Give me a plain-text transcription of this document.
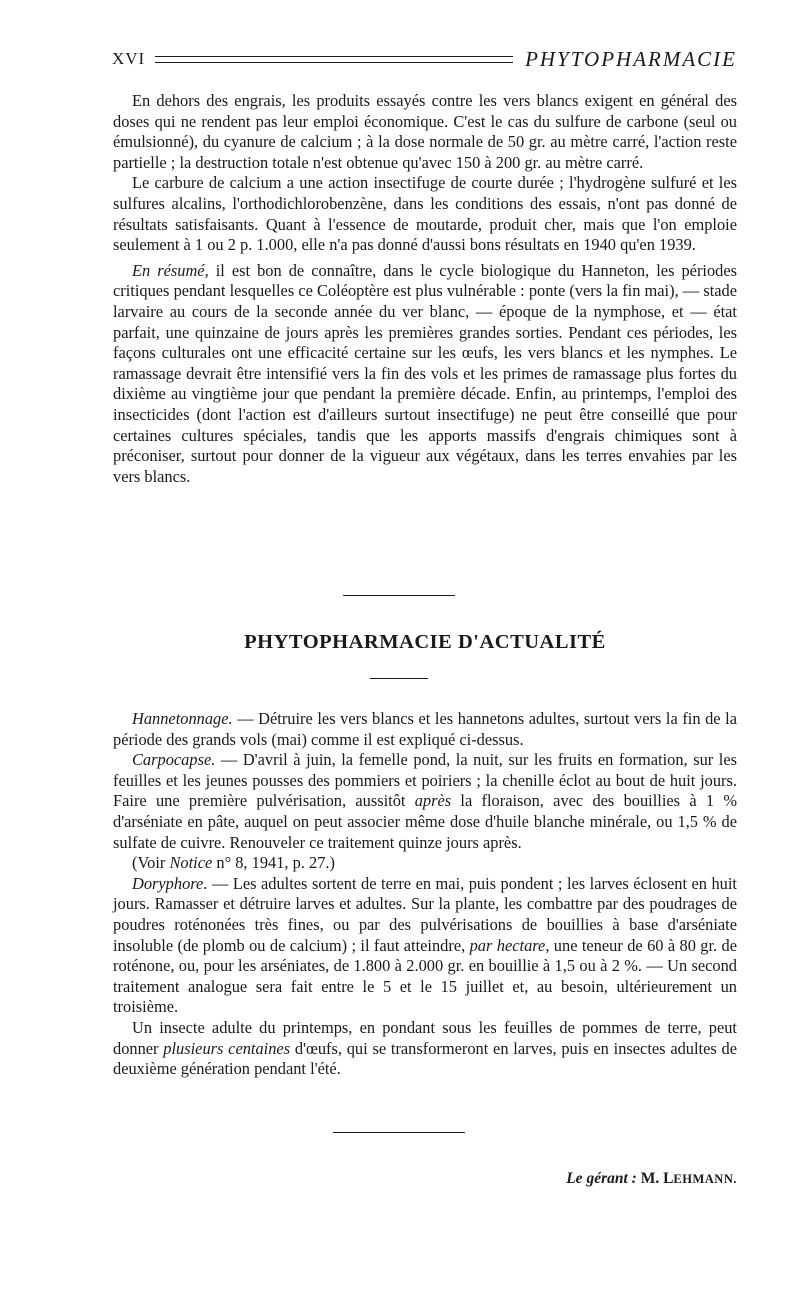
XVI	PHYTOPHARMACIE

En dehors des engrais, les produits essayés contre les vers blancs exigent en général des doses qui ne rendent pas leur emploi économique. C'est le cas du sulfure de carbone (seul ou émulsionné), du cyanure de calcium ; à la dose normale de 50 gr. au mètre carré, l'action reste partielle ; la destruction totale n'est obtenue qu'avec 150 à 200 gr. au mètre carré.

Le carbure de calcium a une action insectifuge de courte durée ; l'hydrogène sulfuré et les sulfures alcalins, l'orthodichlorobenzène, dans les conditions des essais, n'ont pas donné de résultats satisfaisants. Quant à l'essence de moutarde, produit cher, mais que l'on emploie seulement à 1 ou 2 p. 1.000, elle n'a pas donné d'aussi bons résultats en 1940 qu'en 1939.

En résumé, il est bon de connaître, dans le cycle biologique du Hanneton, les périodes critiques pendant lesquelles ce Coléoptère est plus vulnérable : ponte (vers la fin mai), — stade larvaire au cours de la seconde année du ver blanc, — époque de la nymphose, et — état parfait, une quinzaine de jours après les premières grandes sorties. Pendant ces périodes, les façons culturales ont une efficacité certaine sur les œufs, les vers blancs et les nymphes. Le ramassage devrait être intensifié vers la fin des vols et les primes de ramassage plus fortes du dixième au vingtième jour que pendant la première décade. Enfin, au printemps, l'emploi des insecticides (dont l'action est d'ailleurs surtout insectifuge) ne peut être conseillé que pour certaines cultures spéciales, tandis que les apports massifs d'engrais chimiques sont à préconiser, surtout pour donner de la vigueur aux végétaux, dans les terres envahies par les vers blancs.

PHYTOPHARMACIE D'ACTUALITÉ

Hannetonnage. — Détruire les vers blancs et les hannetons adultes, surtout vers la fin de la période des grands vols (mai) comme il est expliqué ci-dessus.

Carpocapse. — D'avril à juin, la femelle pond, la nuit, sur les fruits en formation, sur les feuilles et les jeunes pousses des pommiers et poiriers ; la chenille éclot au bout de huit jours. Faire une première pulvérisation, aussitôt après la floraison, avec des bouillies à 1 % d'arséniate en pâte, auquel on peut associer même dose d'huile blanche minérale, ou 1,5 % de sulfate de cuivre. Renouveler ce traitement quinze jours après.

(Voir Notice n° 8, 1941, p. 27.)

Doryphore. — Les adultes sortent de terre en mai, puis pondent ; les larves éclosent en huit jours. Ramasser et détruire larves et adultes. Sur la plante, les combattre par des poudrages de poudres roténonées très fines, ou par des pulvérisations de bouillies à base d'arséniate insoluble (de plomb ou de calcium) ; il faut atteindre, par hectare, une teneur de 60 à 80 gr. de roténone, ou, pour les arséniates, de 1.800 à 2.000 gr. en bouillie à 1,5 ou à 2 %. — Un second traitement analogue sera fait entre le 5 et le 15 juillet et, au besoin, ultérieurement un troisième.

Un insecte adulte du printemps, en pondant sous les feuilles de pommes de terre, peut donner plusieurs centaines d'œufs, qui se transformeront en larves, puis en insectes adultes de deuxième génération pendant l'été.

Le gérant : M. LEHMANN.
